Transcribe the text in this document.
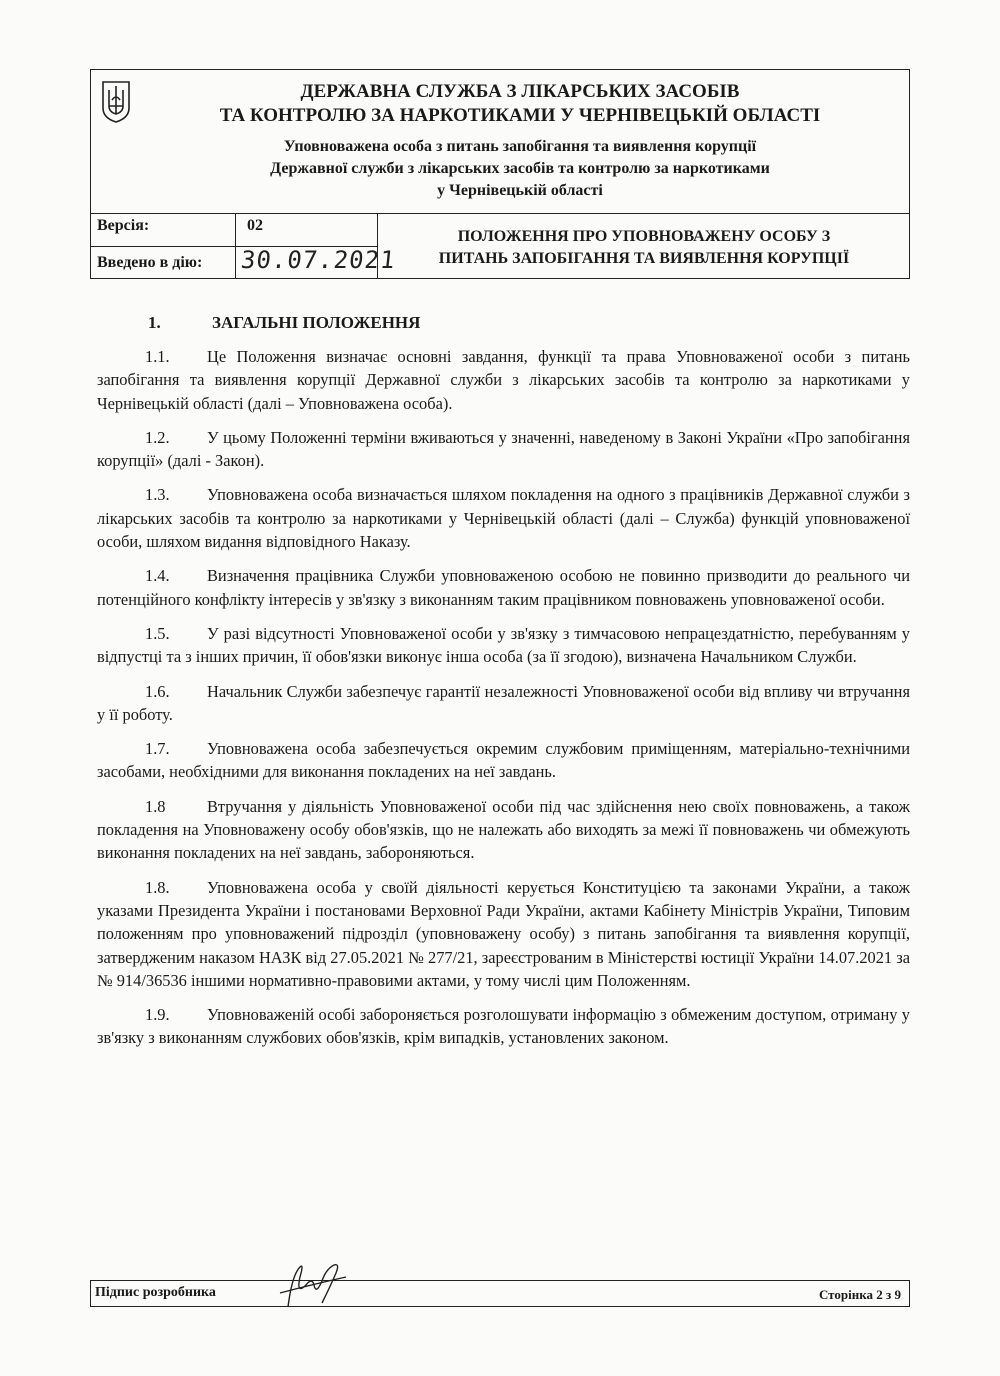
ДЕРЖАВНА СЛУЖБА З ЛІКАРСЬКИХ ЗАСОБІВ
ТА КОНТРОЛЮ ЗА НАРКОТИКАМИ У ЧЕРНІВЕЦЬКІЙ ОБЛАСТІ
Уповноважена особа з питань запобігання та виявлення корупції
Державної служби з лікарських засобів та контролю за наркотиками
у Чернівецькій області
Версія:	02
Введено в дію: 30.07.2021
ПОЛОЖЕННЯ ПРО УПОВНОВАЖЕНУ ОСОБУ З
ПИТАНЬ ЗАПОБІГАННЯ ТА ВИЯВЛЕННЯ КОРУПЦІЇ
1.	ЗАГАЛЬНІ ПОЛОЖЕННЯ

1.1. Це Положення визначає основні завдання, функції та права Уповноваженої особи з питань запобігання та виявлення корупції Державної служби з лікарських засобів та контролю за наркотиками у Чернівецькій області (далі – Уповноважена особа).

1.2. У цьому Положенні терміни вживаються у значенні, наведеному в Законі України «Про запобігання корупції» (далі - Закон).

1.3. Уповноважена особа визначається шляхом покладення на одного з працівників Державної служби з лікарських засобів та контролю за наркотиками у Чернівецькій області (далі – Служба) функцій уповноваженої особи, шляхом видання відповідного Наказу.

1.4. Визначення працівника Служби уповноваженою особою не повинно призводити до реального чи потенційного конфлікту інтересів у зв'язку з виконанням таким працівником повноважень уповноваженої особи.

1.5. У разі відсутності Уповноваженої особи у зв'язку з тимчасовою непрацездатністю, перебуванням у відпустці та з інших причин, її обов'язки виконує інша особа (за її згодою), визначена Начальником Служби.

1.6. Начальник Служби забезпечує гарантії незалежності Уповноваженої особи від впливу чи втручання у її роботу.

1.7. Уповноважена особа забезпечується окремим службовим приміщенням, матеріально-технічними засобами, необхідними для виконання покладених на неї завдань.

1.8	Втручання у діяльність Уповноваженої особи під час здійснення нею своїх повноважень, а також покладення на Уповноважену особу обов'язків, що не належать або виходять за межі її повноважень чи обмежують виконання покладених на неї завдань, забороняються.

1.8. Уповноважена особа у своїй діяльності керується Конституцією та законами України, а також указами Президента України і постановами Верховної Ради України, актами Кабінету Міністрів України, Типовим положенням про уповноважений підрозділ (уповноважену особу) з питань запобігання та виявлення корупції, затвердженим наказом НАЗК від 27.05.2021 № 277/21, зареєстрованим в Міністерстві юстиції України 14.07.2021 за № 914/36536 іншими нормативно-правовими актами, у тому числі цим Положенням.

1.9. Уповноваженій особі забороняється розголошувати інформацію з обмеженим доступом, отриману у зв'язку з виконанням службових обов'язків, крім випадків, установлених законом.

Підпис розробника	Сторінка 2 з 9
